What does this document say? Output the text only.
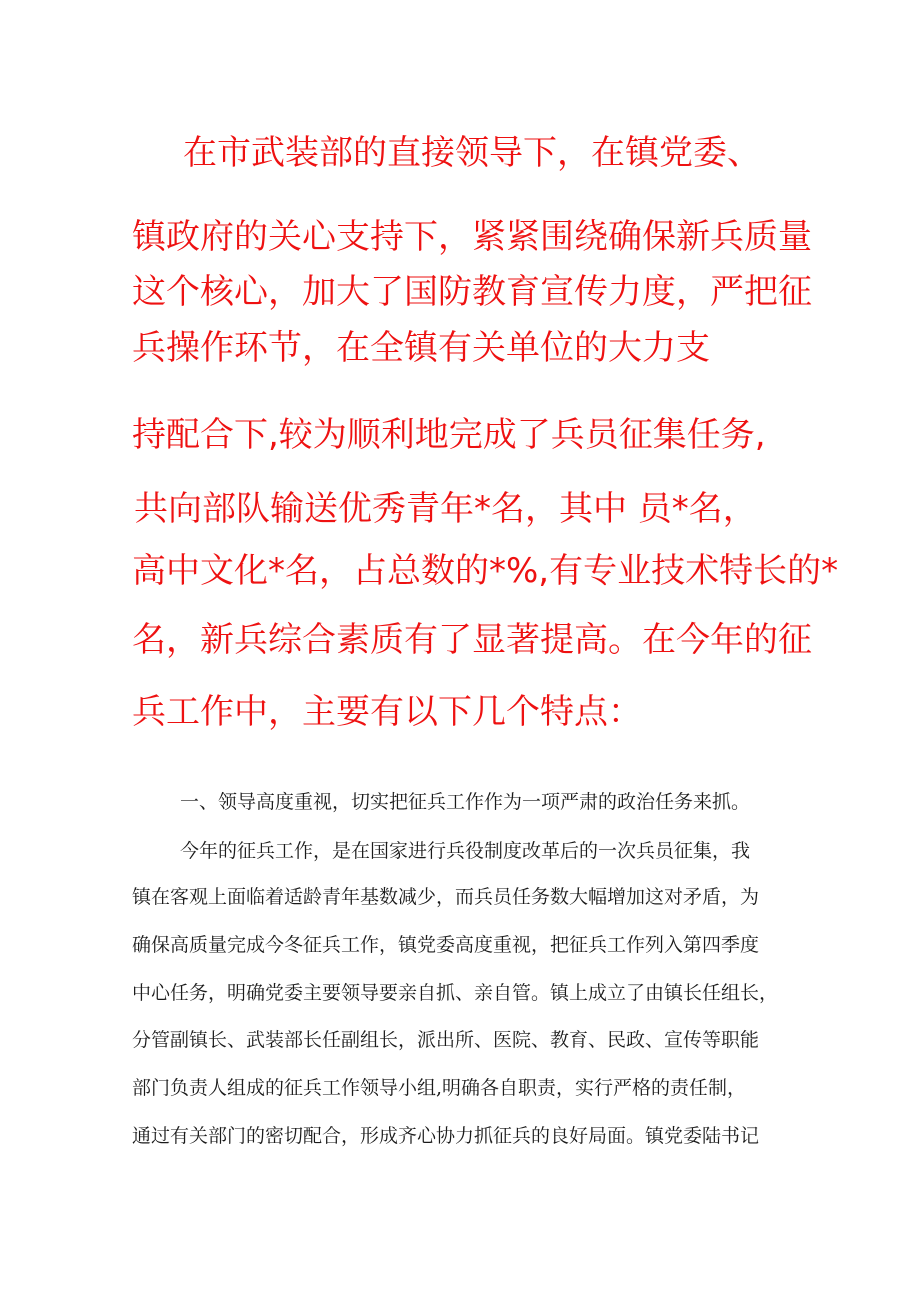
在市武装部的直接领导下，在镇党委、
镇政府的关心支持下，紧紧围绕确保新兵质量
这个核心，加大了国防教育宣传力度，严把征
兵操作环节，在全镇有关单位的大力支
持配合下,较为顺利地完成了兵员征集任务,
共向部队输送优秀青年*名，其中 员*名，
高中文化*名，占总数的*%,有专业技术特长的*
名，新兵综合素质有了显著提高。在今年的征
兵工作中，主要有以下几个特点：
一、领导高度重视，切实把征兵工作作为一项严肃的政治任务来抓。
今年的征兵工作，是在国家进行兵役制度改革后的一次兵员征集，我
镇在客观上面临着适龄青年基数减少，而兵员任务数大幅增加这对矛盾，为
确保高质量完成今冬征兵工作，镇党委高度重视，把征兵工作列入第四季度
中心任务，明确党委主要领导要亲自抓、亲自管。镇上成立了由镇长任组长，
分管副镇长、武装部长任副组长，派出所、医院、教育、民政、宣传等职能
部门负责人组成的征兵工作领导小组,明确各自职责，实行严格的责任制，
通过有关部门的密切配合，形成齐心协力抓征兵的良好局面。镇党委陆书记
